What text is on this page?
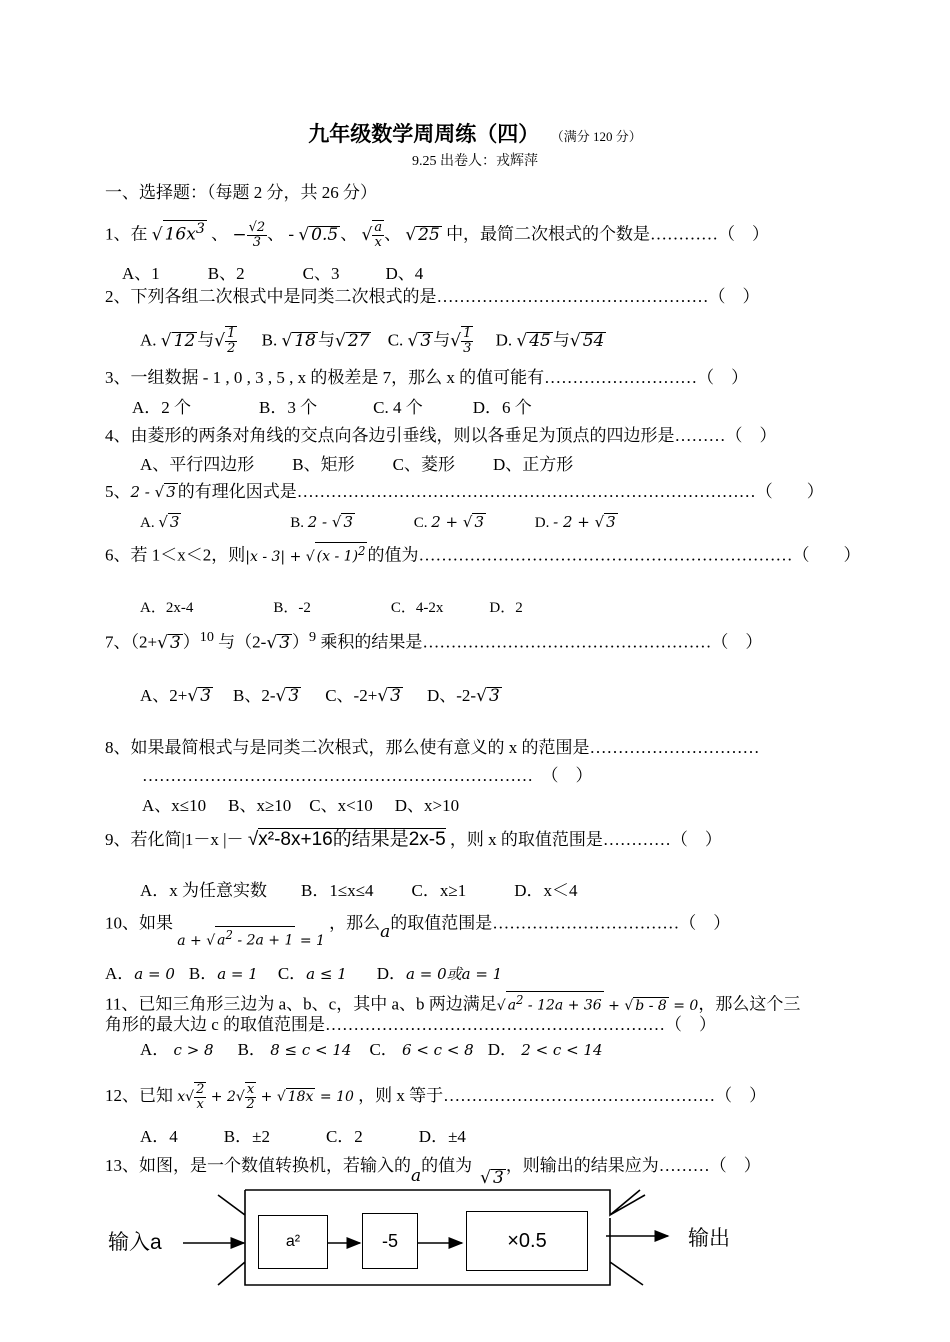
九年级数学周周练（四） （满分 120 分）
9.25 出卷人：戎辉萍
一、选择题：（每题 2 分，共 26 分）
1、在 √ $16x^3$ 、 − $\frac{√2}{3}$ 、 - √ 0.5 、 √ $\frac{a}{x}$ 、 √ 25 中，最简二次根式的个数是…………（　）
A、1	B、2	C、3	D、4
2、下列各组二次根式中是同类二次根式的是…………………………………………（　）
A. √ 12 与√ $\frac{1}{2} B$. √ 18 与√ 27 C. √ 3 与√ $\frac{1}{3} D$. √ 45 与√ 54
3、一组数据 - 1 , 0 , 3 , 5 , x 的极差是 7，那么 x 的值可能有………………………（　）
A．2 个	B．3 个	C. 4 个	D．6 个
4、由菱形的两条对角线的交点向各边引垂线，则以各垂足为顶点的四边形是………（　）
A、平行四边形 B、矩形 C、菱形 D、正方形
5、2 - √ 3 的有理化因式是………………………………………………………………………（　　）
A. √ 3	B. 2 - √ 3	C. 2 + √ 3	D. - 2 + √ 3
6、若 1＜x＜2，则|x - 3| + √ (x - 1)$^2$ 的值为…………………………………………………………（　　）
A．2x-4	B．-2	C．4-2x	D．2
7、（2+√ 3 ）$^{10}$ 与（2-√ 3 ）$^9$ 乘积的结果是……………………………………………（　）
A、2+√ 3 B、2-√ 3 C、-2+√ 3 D、-2-√ 3
8、如果最简根式与是同类二次根式，那么使有意义的 x 的范围是…………………………
……………………………………………………………　（　）
A、x≤10 B、x≥10 C、x<10 D、x>10
9、若化简|1－x |－ √x²-8x+16的结果是2x-5 ，则 x 的取值范围是…………（　）
A．x 为任意实数 B．1≤x≤4 C．x≥1	D．x＜4
10、如果 $_{a + √ a^2 - 2a + 1 = 1}$ ，那么a的取值范围是……………………………（　）
A．a = 0 B．a = 1 C．a ≤ 1 D．a = 0或a = 1
11、已知三角形三边为 a、b、c，其中 a、b 两边满足√ $a^2 - 12a + 36$ + √ b - 8 = 0，那么这个三
角形的最大边 c 的取值范围是……………………………………………………（　）
A． c > 8 B． 8 ≤ c < 14 C． 6 < c < 8 D． 2 < c < 14
12、已知 $x√ \frac{2}{x} + 2√ \frac{x}{2}$ + √ 18x = 10 ，则 x 等于…………………………………………（　）
A．4	B．±2	C．2	D．±4
13、如图，是一个数值转换机，若输入的a的值为√ 3，则输出的结果应为………（　）
输入a	a²	-5	×0.5	输出
